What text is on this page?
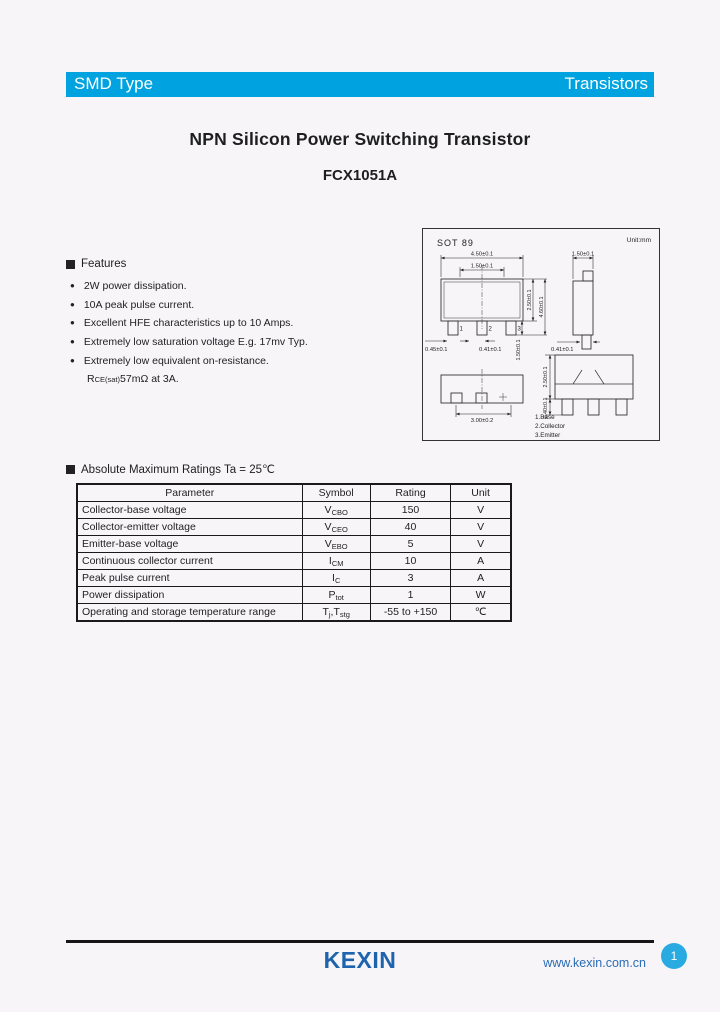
SMD Type	Transistors
NPN Silicon Power Switching Transistor
FCX1051A
Features
● 2W power dissipation.
● 10A peak pulse current.
● Excellent HFE characteristics up to 10 Amps.
● Extremely low saturation voltage E.g. 17mv Typ.
● Extremely low equivalent on-resistance.
R CE(sat) 57mΩ at 3A.
SOT 89	Unit:mm
4.50±0.1
1.50±0.1
1	2	3
0.45±0.1	0.41±0.1
2.50±0.1 4.60±0.1
1.50±0.1
1.50±0.1
0.41±0.1
3.00±0.2
2.50±0.1
0.40±0.1
1.Base
2.Collector
3.Emitter
Absolute Maximum Ratings Ta = 25℃
Parameter	Symbol	Rating	Unit
Collector-base voltage	VCBO	150	V
Collector-emitter voltage	VCEO	40	V
Emitter-base voltage	VEBO	5	V
Continuous collector current	ICM	10	A
Peak pulse current	IC	3	A
Power dissipation	Ptot	1	W
Operating and storage temperature range	Tj,Tstg	-55 to +150	℃
KEXIN	www.kexin.com.cn 1
